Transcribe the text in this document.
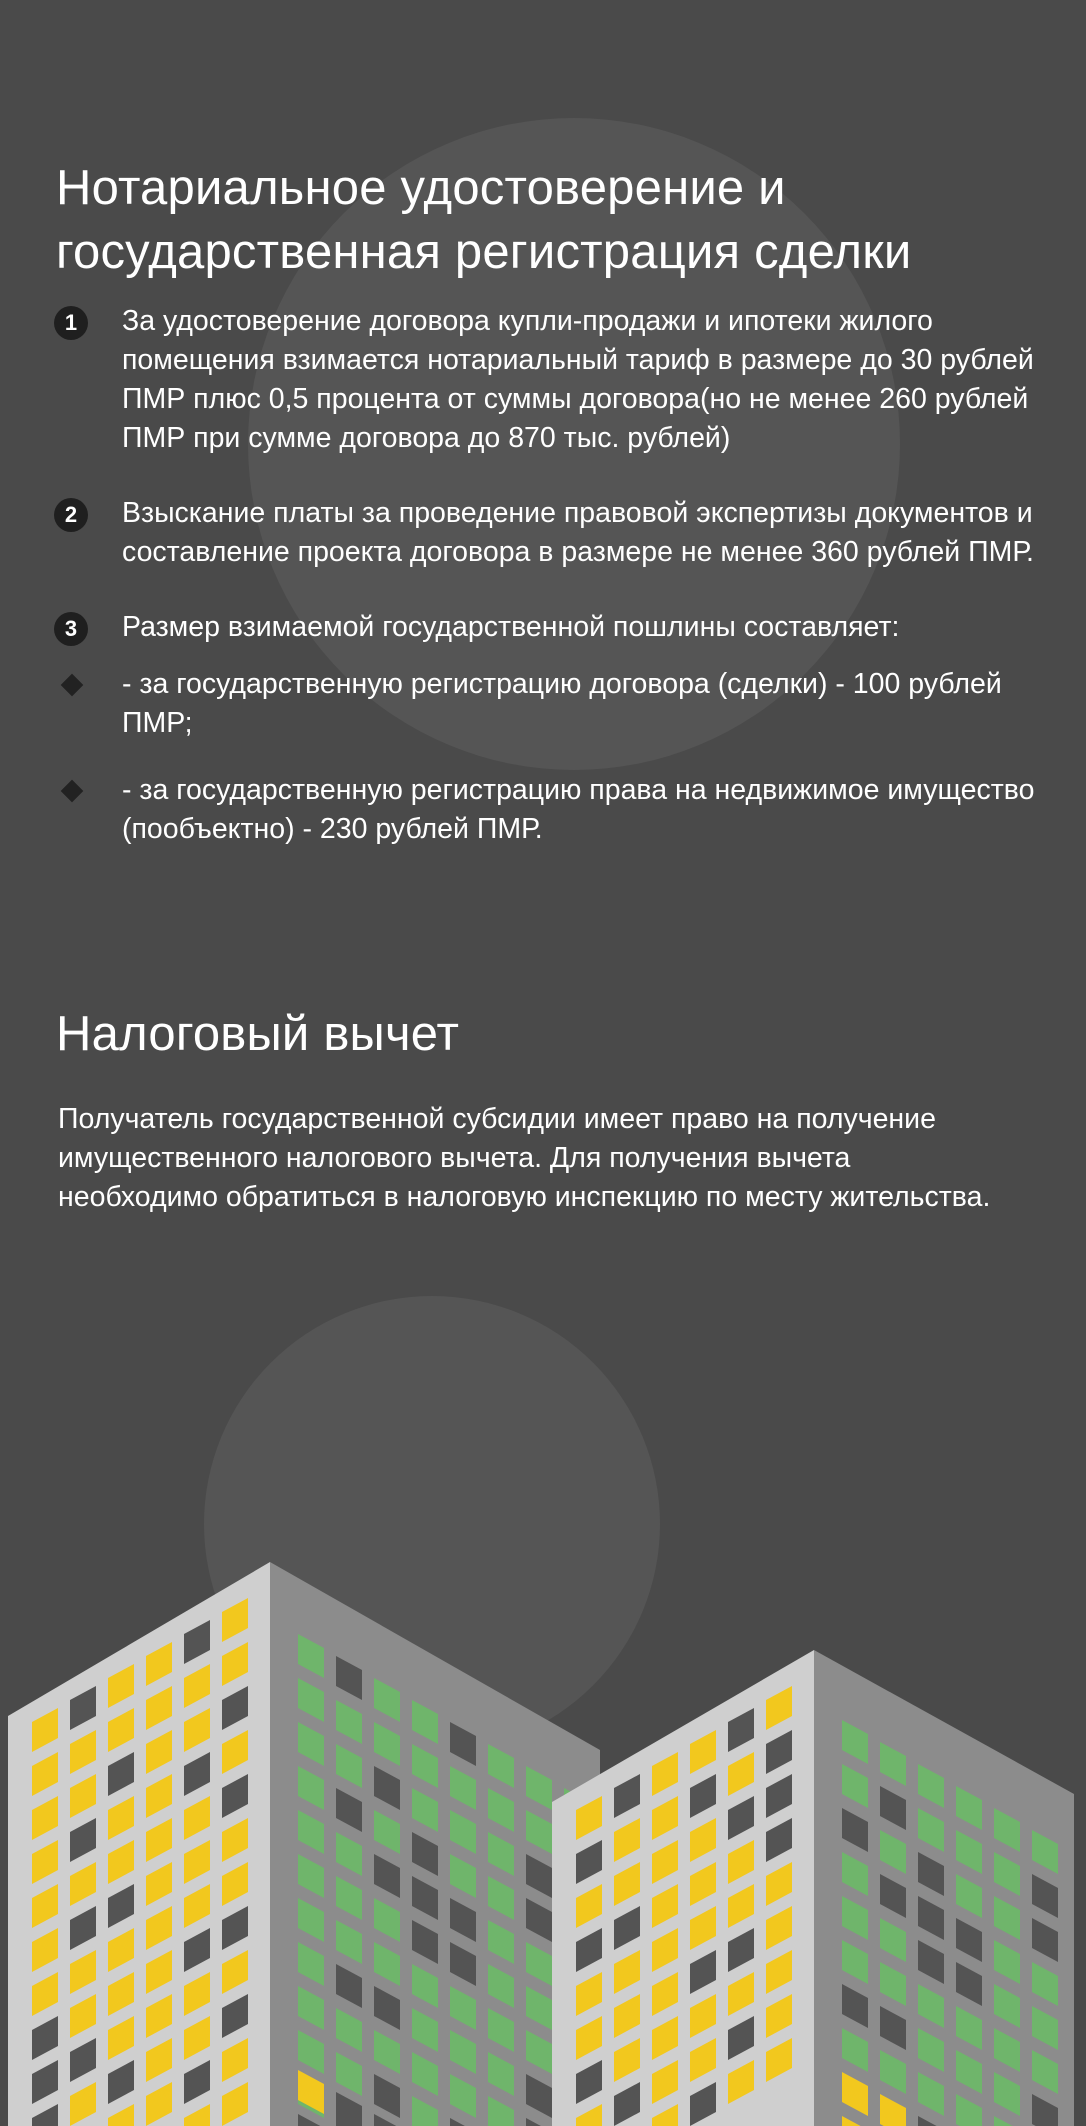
Нотариальное удостоверение и государственная регистрация сделки
1	За удостоверение договора купли-продажи и ипотеки жилого помещения взимается нотариальный тариф в размере до 30 рублей ПМР плюс 0,5 процента от суммы договора(но не менее 260 рублей ПМР при сумме договора до 870 тыс. рублей)
2	Взыскание платы за проведение правовой экспертизы документов и составление проекта договора в размере не менее 360 рублей ПМР.
3	Размер взимаемой государственной пошлины составляет:
- за государственную регистрацию договора (сделки) - 100 рублей ПМР;
- за государственную регистрацию права на недвижимое имущество (пообъектно) - 230 рублей ПМР.
Налоговый вычет

Получатель государственной субсидии имеет право на получение имущественного налогового вычета. Для получения вычета необходимо обратиться в налоговую инспекцию по месту жительства.
